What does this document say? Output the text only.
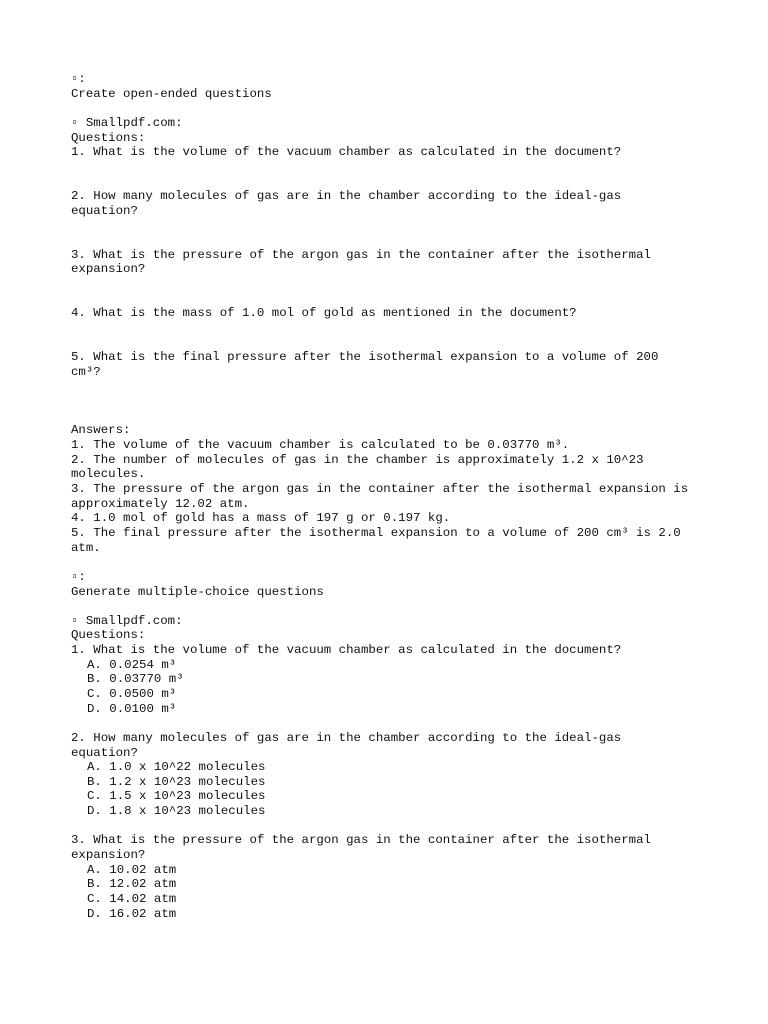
▫:
Create open-ended questions
▫ Smallpdf.com:
Questions:
1. What is the volume of the vacuum chamber as calculated in the document?
2. How many molecules of gas are in the chamber according to the ideal-gas
equation?
3. What is the pressure of the argon gas in the container after the isothermal
expansion?
4. What is the mass of 1.0 mol of gold as mentioned in the document?
5. What is the final pressure after the isothermal expansion to a volume of 200
cm³?
Answers:
1. The volume of the vacuum chamber is calculated to be 0.03770 m³.
2. The number of molecules of gas in the chamber is approximately 1.2 x 10^23
molecules.
3. The pressure of the argon gas in the container after the isothermal expansion is
approximately 12.02 atm.
4. 1.0 mol of gold has a mass of 197 g or 0.197 kg.
5. The final pressure after the isothermal expansion to a volume of 200 cm³ is 2.0
atm.
▫:
Generate multiple-choice questions
▫ Smallpdf.com:
Questions:
1. What is the volume of the vacuum chamber as calculated in the document?
A. 0.0254 m³
B. 0.03770 m³
C. 0.0500 m³
D. 0.0100 m³
2. How many molecules of gas are in the chamber according to the ideal-gas
equation?
A. 1.0 x 10^22 molecules
B. 1.2 x 10^23 molecules
C. 1.5 x 10^23 molecules
D. 1.8 x 10^23 molecules
3. What is the pressure of the argon gas in the container after the isothermal
expansion?
A. 10.02 atm
B. 12.02 atm
C. 14.02 atm
D. 16.02 atm
